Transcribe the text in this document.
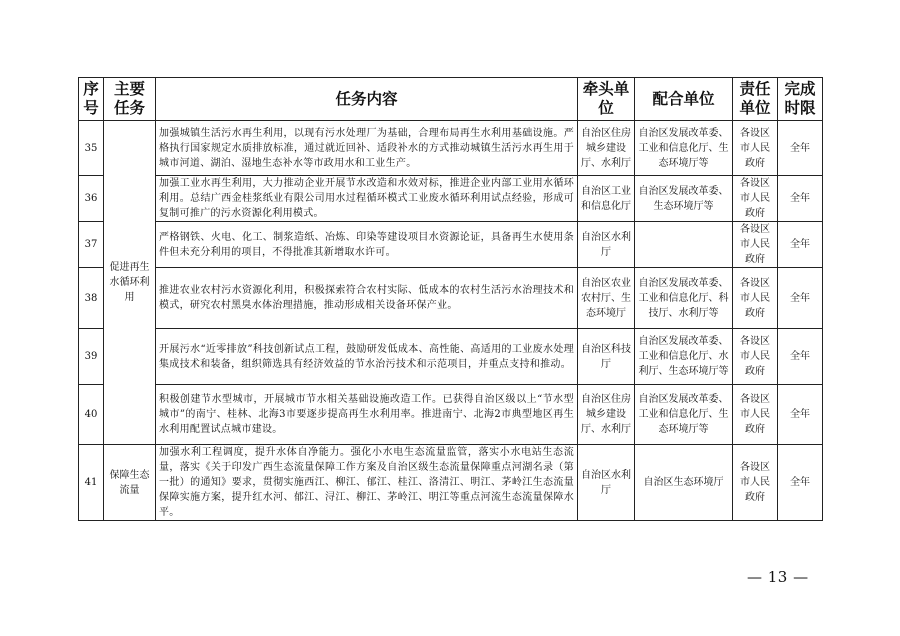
序号	主要任务	任务内容	牵头单位	配合单位	责任单位	完成时限
35	促进再生水循环利用	加强城镇生活污水再生利用，以现有污水处理厂为基础，合理布局再生水利用基础设施。严格执行国家规定水质排放标准，通过就近回补、适段补水的方式推动城镇生活污水再生用于城市河道、湖泊、湿地生态补水等市政用水和工业生产。	自治区住房城乡建设厅、水利厅	自治区发展改革委、工业和信息化厅、生态环境厅等	各设区市人民政府	全年
36		加强工业水再生利用，大力推动企业开展节水改造和水效对标，推进企业内部工业用水循环利用。总结广西金桂浆纸业有限公司用水过程循环模式工业废水循环利用试点经验，形成可复制可推广的污水资源化利用模式。	自治区工业和信息化厅	自治区发展改革委、生态环境厅等	各设区市人民政府	全年
37		严格钢铁、火电、化工、制浆造纸、冶炼、印染等建设项目水资源论证，具备再生水使用条件但未充分利用的项目，不得批准其新增取水许可。	自治区水利厅		各设区市人民政府	全年
38		推进农业农村污水资源化利用，积极探索符合农村实际、低成本的农村生活污水治理技术和模式，研究农村黑臭水体治理措施，推动形成相关设备环保产业。	自治区农业农村厅、生态环境厅	自治区发展改革委、工业和信息化厅、科技厅、水利厅等	各设区市人民政府	全年
39		开展污水“近零排放”科技创新试点工程，鼓励研发低成本、高性能、高适用的工业废水处理集成技术和装备，组织筛选具有经济效益的节水治污技术和示范项目，并重点支持和推动。	自治区科技厅	自治区发展改革委、工业和信息化厅、水利厅、生态环境厅等	各设区市人民政府	全年
40		积极创建节水型城市，开展城市节水相关基础设施改造工作。已获得自治区级以上“节水型城市”的南宁、桂林、北海3市要逐步提高再生水利用率。推进南宁、北海2市典型地区再生水利用配置试点城市建设。	自治区住房城乡建设厅、水利厅	自治区发展改革委、工业和信息化厅、生态环境厅等	各设区市人民政府	全年
41	保障生态流量	加强水利工程调度，提升水体自净能力。强化小水电生态流量监管，落实小水电站生态流量，落实《关于印发广西生态流量保障工作方案及自治区级生态流量保障重点河湖名录（第一批）的通知》要求，贯彻实施西江、柳江、郁江、桂江、洛清江、明江、茅岭江生态流量保障实施方案，提升红水河、郁江、浔江、柳江、茅岭江、明江等重点河流生态流量保障水平。	自治区水利厅	自治区生态环境厅	各设区市人民政府	全年
— 13 —
